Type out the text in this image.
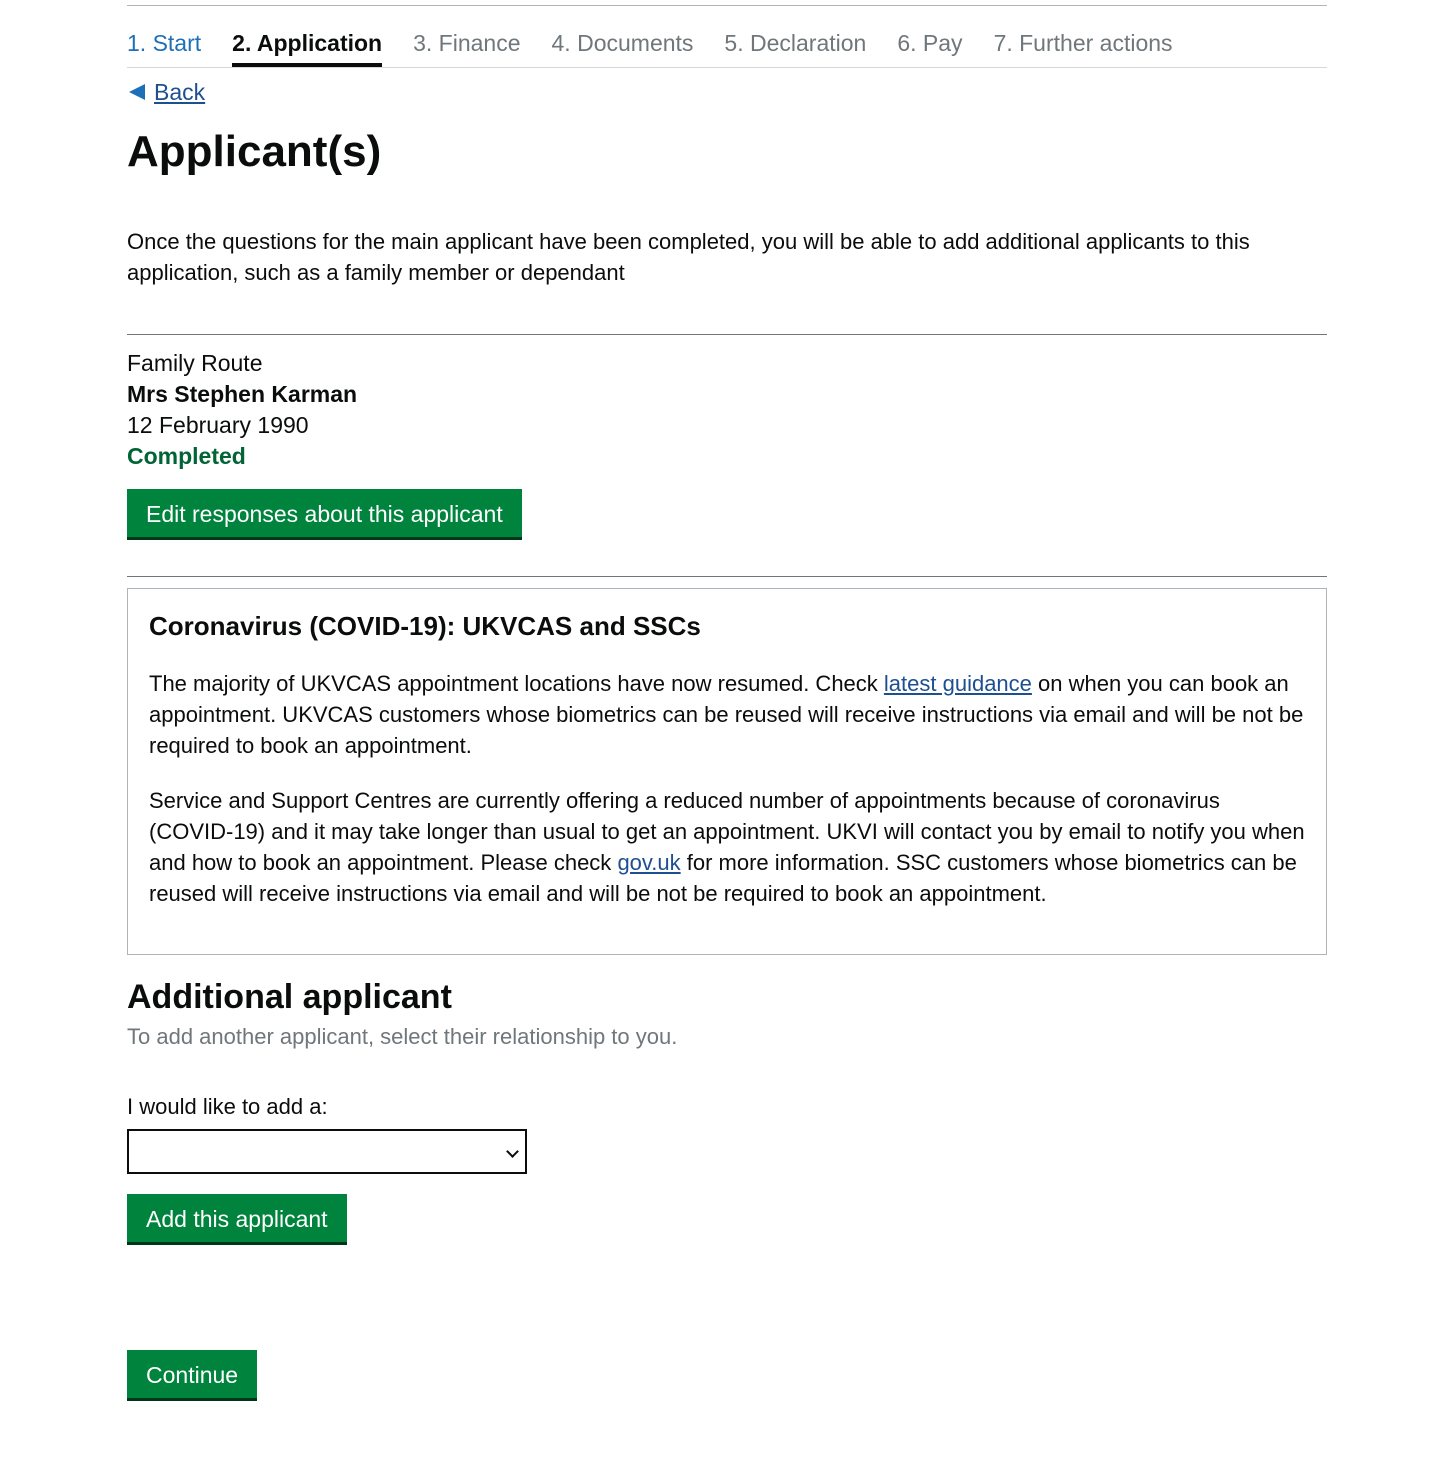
1. Start 2. Application 3. Finance 4. Documents 5. Declaration 6. Pay 7. Further actions
Back
Applicant(s)

Once the questions for the main applicant have been completed, you will be able to add additional applicants to this application, such as a family member or dependant

Family Route
Mrs Stephen Karman
12 February 1990
Completed
Edit responses about this applicant
Coronavirus (COVID-19): UKVCAS and SSCs

The majority of UKVCAS appointment locations have now resumed. Check latest guidance on when you can book an appointment. UKVCAS customers whose biometrics can be reused will receive instructions via email and will be not be required to book an appointment.

Service and Support Centres are currently offering a reduced number of appointments because of coronavirus (COVID-19) and it may take longer than usual to get an appointment. UKVI will contact you by email to notify you when and how to book an appointment. Please check gov.uk for more information. SSC customers whose biometrics can be reused will receive instructions via email and will be not be required to book an appointment.

Additional applicant
To add another applicant, select their relationship to you.
I would like to add a:
Add this applicant
Continue
